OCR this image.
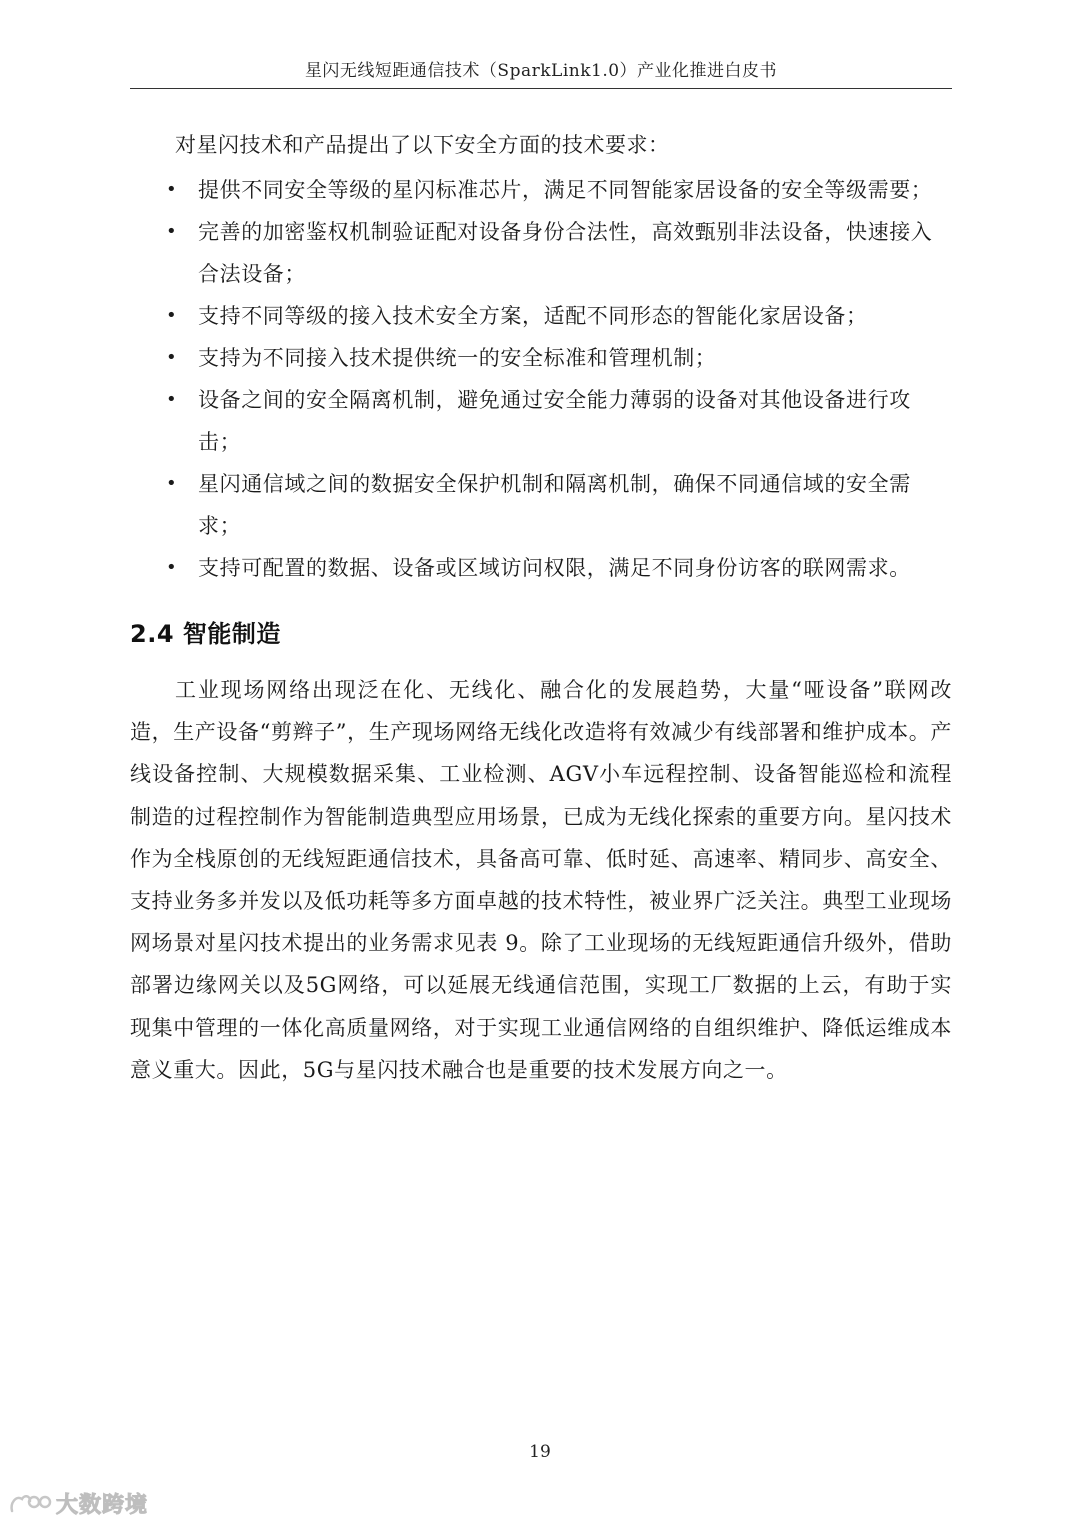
星闪无线短距通信技术（SparkLink1.0）产业化推进白皮书
对星闪技术和产品提出了以下安全方面的技术要求：
• 提供不同安全等级的星闪标准芯片，满足不同智能家居设备的安全等级需要；
• 完善的加密鉴权机制验证配对设备身份合法性，高效甄别非法设备，快速接入合法设备；
• 支持不同等级的接入技术安全方案，适配不同形态的智能化家居设备；
• 支持为不同接入技术提供统一的安全标准和管理机制；
• 设备之间的安全隔离机制，避免通过安全能力薄弱的设备对其他设备进行攻击；
• 星闪通信域之间的数据安全保护机制和隔离机制，确保不同通信域的安全需求；
• 支持可配置的数据、设备或区域访问权限，满足不同身份访客的联网需求。
2.4 智能制造

工业现场网络出现泛在化、无线化、融合化的发展趋势，大量“哑设备”联网改造，生产设备“剪辫子”，生产现场网络无线化改造将有效减少有线部署和维护成本。产线设备控制、大规模数据采集、工业检测、AGV小车远程控制、设备智能巡检和流程制造的过程控制作为智能制造典型应用场景，已成为无线化探索的重要方向。星闪技术作为全栈原创的无线短距通信技术，具备高可靠、低时延、高速率、精同步、高安全、支持业务多并发以及低功耗等多方面卓越的技术特性，被业界广泛关注。典型工业现场网场景对星闪技术提出的业务需求见表 9。除了工业现场的无线短距通信升级外，借助部署边缘网关以及5G网络，可以延展无线通信范围，实现工厂数据的上云，有助于实现集中管理的一体化高质量网络，对于实现工业通信网络的自组织维护、降低运维成本意义重大。因此，5G与星闪技术融合也是重要的技术发展方向之一。

19
大数跨境
